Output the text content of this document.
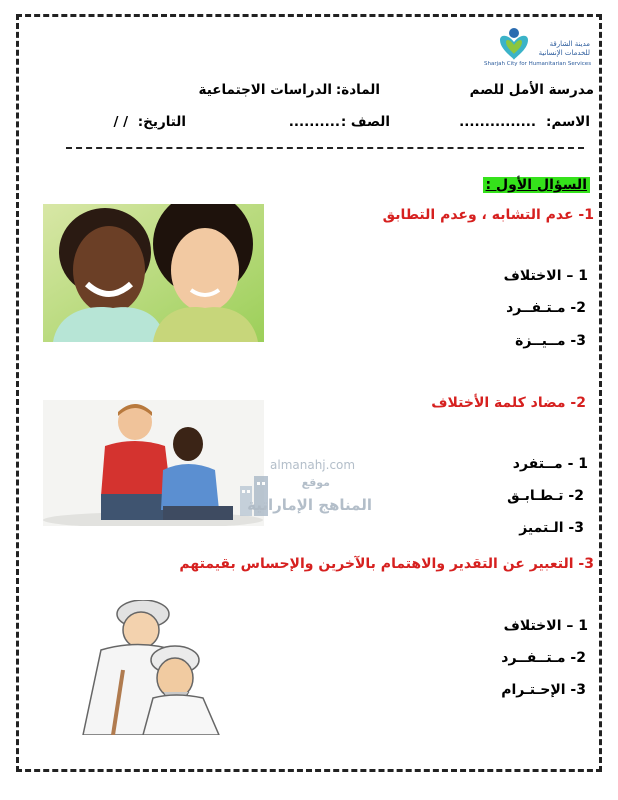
مدينة الشارقة
للخدمات الإنسانية
Sharjah City for Humanitarian Services
مدرسة الأمل للصم
المادة:
الدراسات الاجتماعية
الاسم:
...............
الصف :
..........
التاريخ:
/ /
السؤال الأول :
1- عدم التشابه ، وعدم التطابق
1 – الاختلاف
2- مـتـفــرد
3- مــيــزة
2- مضاد كلمة الأختلاف
1 - مــتفرد
2- تـطـابـق
3- الـتميز
almanahj.com
موقع
المناهج الإماراتية
3- التعبير عن التقدير والاهتمام بالآخرين والإحساس بقيمتهم
1 – الاختلاف
2- مـتــفــرد
3- الإحـتـرام
